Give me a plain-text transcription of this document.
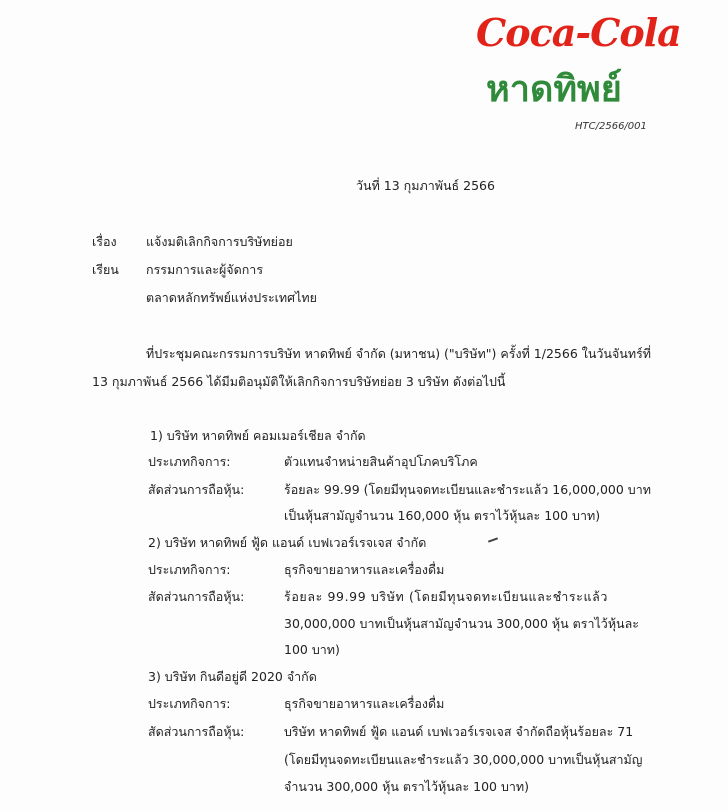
Coca-Cola
หาดทิพย์
HTC/2566/001
วันที่ 13 กุมภาพันธ์ 2566
เรื่อง แจ้งมติเลิกกิจการบริษัทย่อย
เรียน กรรมการและผู้จัดการ
ตลาดหลักทรัพย์แห่งประเทศไทย
ที่ประชุมคณะกรรมการบริษัท หาดทิพย์ จำกัด (มหาชน) ("บริษัท") ครั้งที่ 1/2566 ในวันจันทร์ที่
13 กุมภาพันธ์ 2566 ได้มีมติอนุมัติให้เลิกกิจการบริษัทย่อย 3 บริษัท ดังต่อไปนี้
1) บริษัท หาดทิพย์ คอมเมอร์เชียล จำกัด
ประเภทกิจการ:	ตัวแทนจำหน่ายสินค้าอุปโภคบริโภค
สัดส่วนการถือหุ้น:	ร้อยละ 99.99 (โดยมีทุนจดทะเบียนและชำระแล้ว 16,000,000 บาท
เป็นหุ้นสามัญจำนวน 160,000 หุ้น ตราไว้หุ้นละ 100 บาท)
2) บริษัท หาดทิพย์ ฟู้ด แอนด์ เบฟเวอร์เรจเจส จำกัด
ประเภทกิจการ:	ธุรกิจขายอาหารและเครื่องดื่ม
สัดส่วนการถือหุ้น:	ร้อยละ 99.99 บริษัท (โดยมีทุนจดทะเบียนและชำระแล้ว
30,000,000 บาทเป็นหุ้นสามัญจำนวน 300,000 หุ้น ตราไว้หุ้นละ
100 บาท)
3) บริษัท กินดีอยู่ดี 2020 จำกัด
ประเภทกิจการ:	ธุรกิจขายอาหารและเครื่องดื่ม
สัดส่วนการถือหุ้น:	บริษัท หาดทิพย์ ฟู้ด แอนด์ เบฟเวอร์เรจเจส จำกัดถือหุ้นร้อยละ 71
(โดยมีทุนจดทะเบียนและชำระแล้ว 30,000,000 บาทเป็นหุ้นสามัญ
จำนวน 300,000 หุ้น ตราไว้หุ้นละ 100 บาท)
